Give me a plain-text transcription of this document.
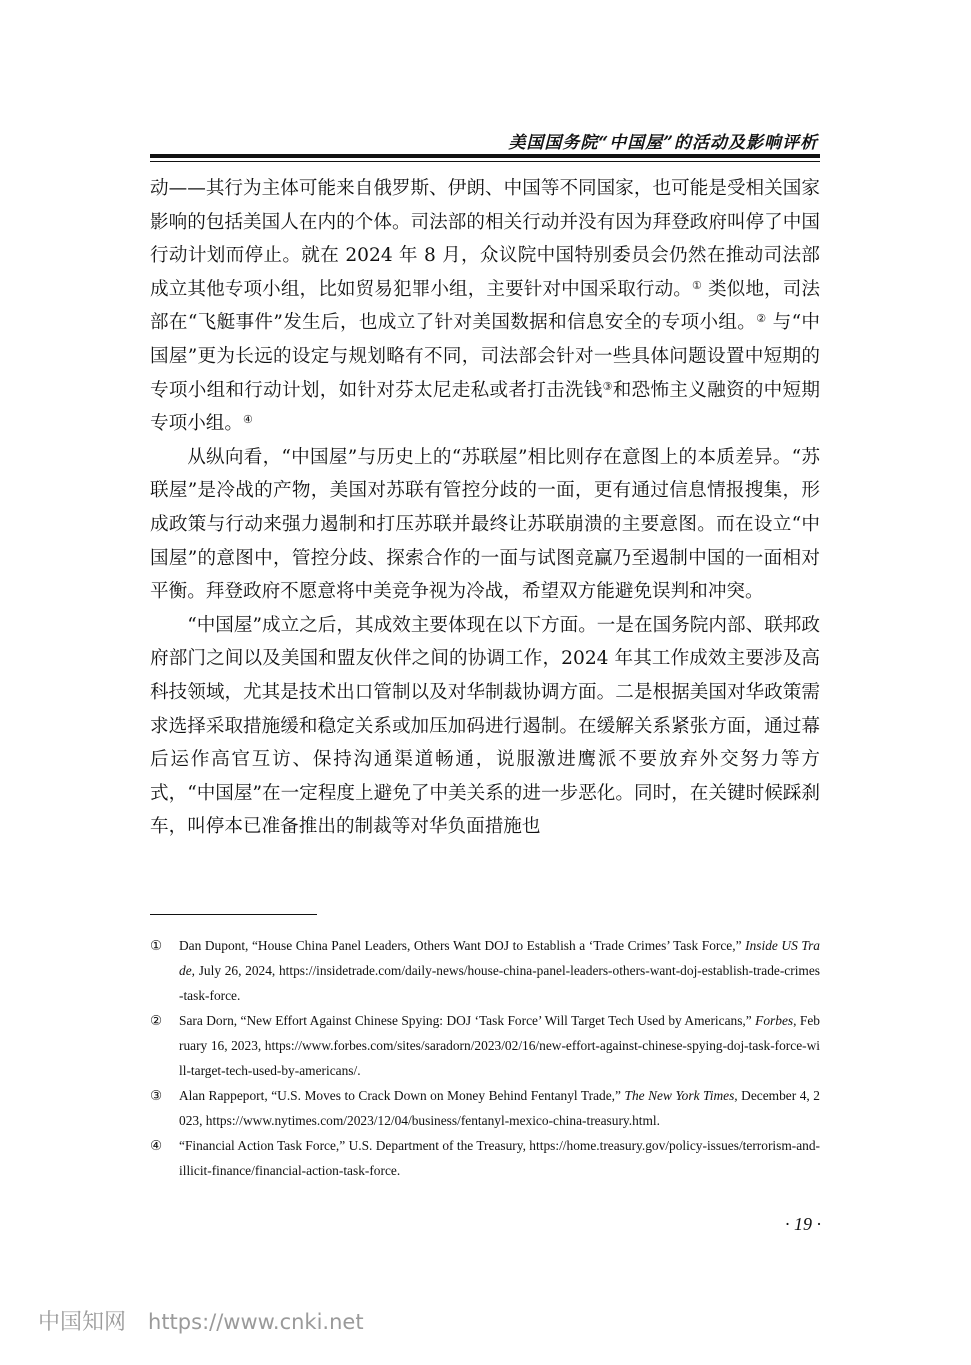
美国国务院“中国屋”的活动及影响评析

动——其行为主体可能来自俄罗斯、伊朗、中国等不同国家，也可能是受相关国家影响的包括美国人在内的个体。司法部的相关行动并没有因为拜登政府叫停了中国行动计划而停止。就在 2024 年 8 月，众议院中国特别委员会仍然在推动司法部成立其他专项小组，比如贸易犯罪小组，主要针对中国采取行动。① 类似地，司法部在“飞艇事件”发生后，也成立了针对美国数据和信息安全的专项小组。② 与“中国屋”更为长远的设定与规划略有不同，司法部会针对一些具体问题设置中短期的专项小组和行动计划，如针对芬太尼走私或者打击洗钱③和恐怖主义融资的中短期专项小组。④

从纵向看，“中国屋”与历史上的“苏联屋”相比则存在意图上的本质差异。“苏联屋”是冷战的产物，美国对苏联有管控分歧的一面，更有通过信息情报搜集，形成政策与行动来强力遏制和打压苏联并最终让苏联崩溃的主要意图。而在设立“中国屋”的意图中，管控分歧、探索合作的一面与试图竞赢乃至遏制中国的一面相对平衡。拜登政府不愿意将中美竞争视为冷战，希望双方能避免误判和冲突。

“中国屋”成立之后，其成效主要体现在以下方面。一是在国务院内部、联邦政府部门之间以及美国和盟友伙伴之间的协调工作，2024 年其工作成效主要涉及高科技领域，尤其是技术出口管制以及对华制裁协调方面。二是根据美国对华政策需求选择采取措施缓和稳定关系或加压加码进行遏制。在缓解关系紧张方面，通过幕后运作高官互访、保持沟通渠道畅通，说服激进鹰派不要放弃外交努力等方式，“中国屋”在一定程度上避免了中美关系的进一步恶化。同时，在关键时候踩刹车，叫停本已准备推出的制裁等对华负面措施也

① Dan Dupont, “House China Panel Leaders, Others Want DOJ to Establish a ‘Trade Crimes’ Task Force,” Inside US Trade, July 26, 2024, https://insidetrade.com/daily-news/house-china-panel-leaders-others-want-doj-establish-trade-crimes-task-force.
② Sara Dorn, “New Effort Against Chinese Spying: DOJ ‘Task Force’ Will Target Tech Used by Americans,” Forbes, February 16, 2023, https://www.forbes.com/sites/saradorn/2023/02/16/new-effort-against-chinese-spying-doj-task-force-will-target-tech-used-by-americans/.
③ Alan Rappeport, “U.S. Moves to Crack Down on Money Behind Fentanyl Trade,” The New York Times, December 4, 2023, https://www.nytimes.com/2023/12/04/business/fentanyl-mexico-china-treasury.html.
④ “Financial Action Task Force,” U.S. Department of the Treasury, https://home.treasury.gov/policy-issues/terrorism-and-illicit-finance/financial-action-task-force.
· 19 ·
中国知网 https://www.cnki.net
